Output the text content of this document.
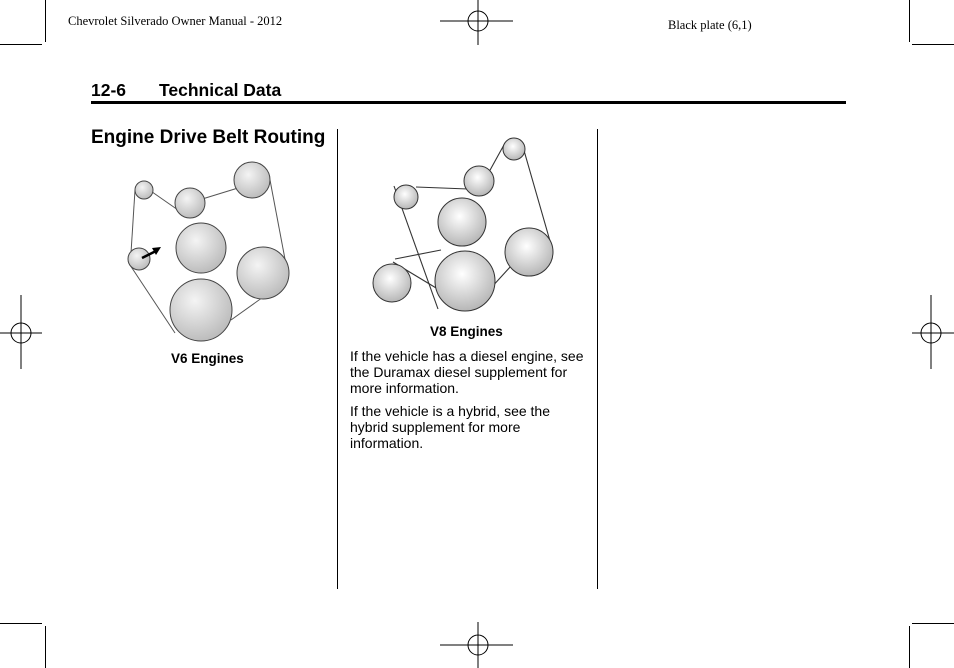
Chevrolet Silverado Owner Manual - 2012	Black plate (6,1)
12-6 Technical Data
Engine Drive Belt Routing
V6 Engines
V8 Engines
If the vehicle has a diesel engine, see the Duramax diesel supplement for more information.
If the vehicle is a hybrid, see the hybrid supplement for more information.
